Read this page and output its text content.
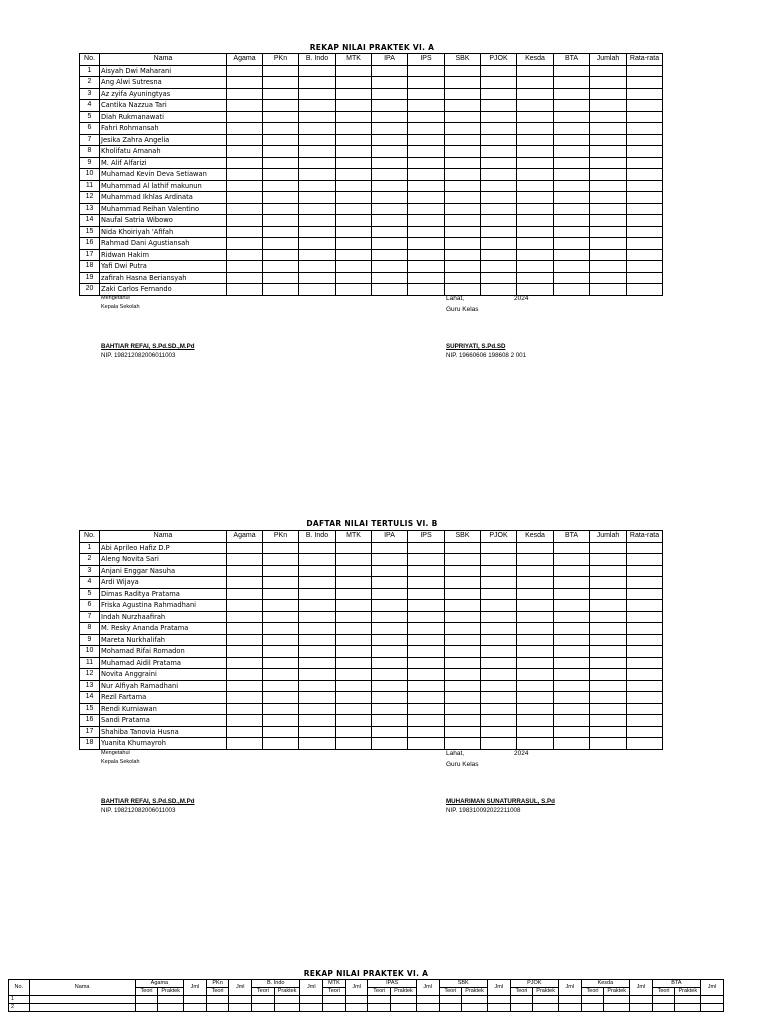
REKAP NILAI PRAKTEK VI. A
No.	Nama	Agama	PKn	B. Indo	MTK	IPA	IPS	SBK	PJOK	Kesda	BTA	Jumlah	Rata-rata
1	Aisyah Dwi Maharani												
2	Ang Alwi Sutresna												
3	Az zyifa Ayuningtyas												
4	Cantika Nazzua Tari												
5	Diah Rukmanawati												
6	Fahri Rohmansah												
7	Jesika Zahra Angelia												
8	Kholifatu Amanah												
9	M. Alif Alfarizi												
10	Muhamad Kevin Deva Setiawan												
11	Muhammad Al lathif makunun												
12	Muhammad Ikhlas Ardinata												
13	Muhammad Reihan Valentino												
14	Naufal Satria Wibowo												
15	Nida Khoiriyah 'Afifah												
16	Rahmad Dani Agustiansah												
17	Ridwan Hakim												
18	Yafi Dwi Putra												
19	zafirah Hasna Beriansyah												
20	Zaki Carlos Fernando												
Mengetahui
Kepala Sekolah
BAHTIAR REFAI, S.Pd.SD.,M.Pd
NIP. 198212082006011003
Lahat,	2024
Guru Kelas
SUPRIYATI, S.Pd.SD
NIP. 19660606 198608 2 001
DAFTAR NILAI TERTULIS VI. B
No.	Nama	Agama	PKn	B. Indo	MTK	IPA	IPS	SBK	PJOK	Kesda	BTA	Jumlah	Rata-rata
1	Abi Aprileo Hafiz D.P												
2	Aleng Novita Sari												
3	Anjani Enggar Nasuha												
4	Ardi Wijaya												
5	Dimas Raditya Pratama												
6	Friska Agustina Rahmadhani												
7	Indah Nurzhaafirah												
8	M. Resky Ananda Pratama												
9	Mareta Nurkhalifah												
10	Mohamad Rifai Romadon												
11	Muhamad Aidil Pratama												
12	Novita Anggraini												
13	Nur Alfiyah Ramadhani												
14	Rezil Fartama												
15	Rendi Kurniawan												
16	Sandi Pratama												
17	Shahiba Tanovia Husna												
18	Yuanita Khumayroh												
Mengetahui
Kepala Sekolah
BAHTIAR REFAI, S.Pd.SD.,M.Pd
NIP. 198212082006011003
Lahat,	2024
Guru Kelas
MUHARIMAN SUNATURRASUL, S.Pd
NIP. 198310092022211008
REKAP NILAI PRAKTEK VI. A
No.	Nama	Agama		Jml	PKn	Jml	B. Indo		Jml	MTK	Jml	IPAS		Jml	SBK		Jml	PJOK		Jml	Kesda		Jml	BTA		Jml
		Teori	Praktek		Teori		Teori	Praktek		Teori		Teori	Praktek		Teori	Praktek		Teori	Praktek		Teori	Praktek		Teori	Praktek	
1																										
2																										
